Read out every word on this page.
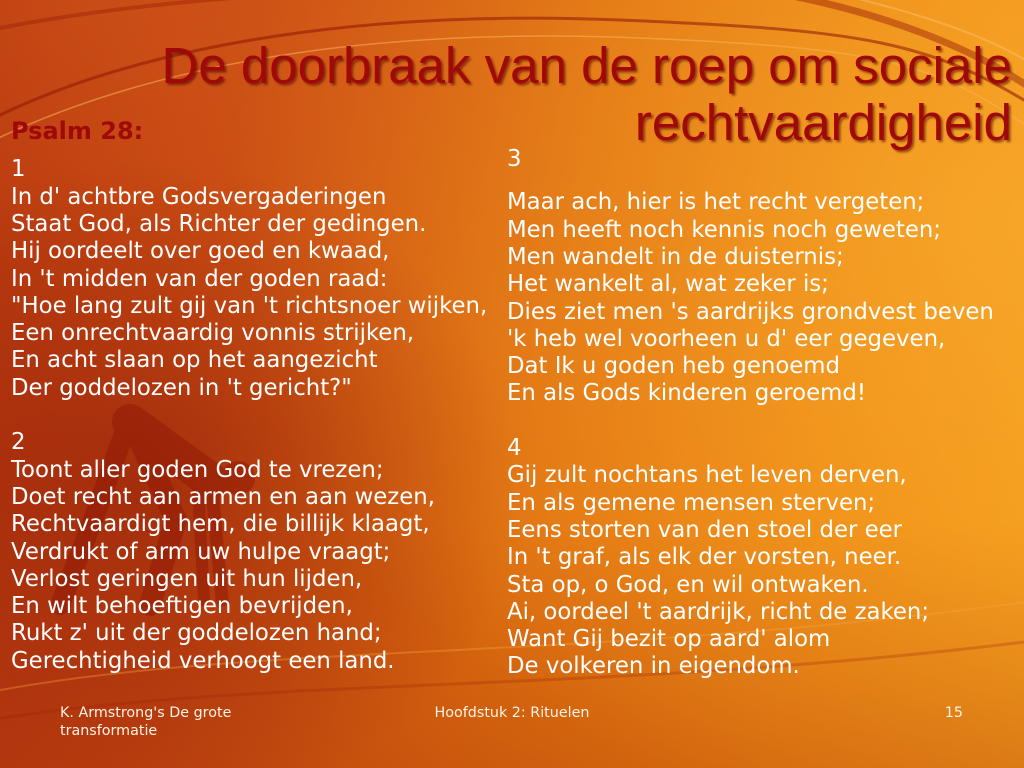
De doorbraak van de roep om sociale rechtvaardigheid
Psalm 28:
1
In d' achtbre Godsvergaderingen
Staat God, als Richter der gedingen.
Hij oordeelt over goed en kwaad,
In 't midden van der goden raad:
"Hoe lang zult gij van 't richtsnoer wijken,
Een onrechtvaardig vonnis strijken,
En acht slaan op het aangezicht
Der goddelozen in 't gericht?"
2
Toont aller goden God te vrezen;
Doet recht aan armen en aan wezen,
Rechtvaardigt hem, die billijk klaagt,
Verdrukt of arm uw hulpe vraagt;
Verlost geringen uit hun lijden,
En wilt behoeftigen bevrijden,
Rukt z' uit der goddelozen hand;
Gerechtigheid verhoogt een land.
3
Maar ach, hier is het recht vergeten;
Men heeft noch kennis noch geweten;
Men wandelt in de duisternis;
Het wankelt al, wat zeker is;
Dies ziet men 's aardrijks grondvest beven
'k heb wel voorheen u d' eer gegeven,
Dat Ik u goden heb genoemd
En als Gods kinderen geroemd!
4
Gij zult nochtans het leven derven,
En als gemene mensen sterven;
Eens storten van den stoel der eer
In 't graf, als elk der vorsten, neer.
Sta op, o God, en wil ontwaken.
Ai, oordeel 't aardrijk, richt de zaken;
Want Gij bezit op aard' alom
De volkeren in eigendom.
K. Armstrong's De grote transformatie
Hoofdstuk 2: Rituelen	15
